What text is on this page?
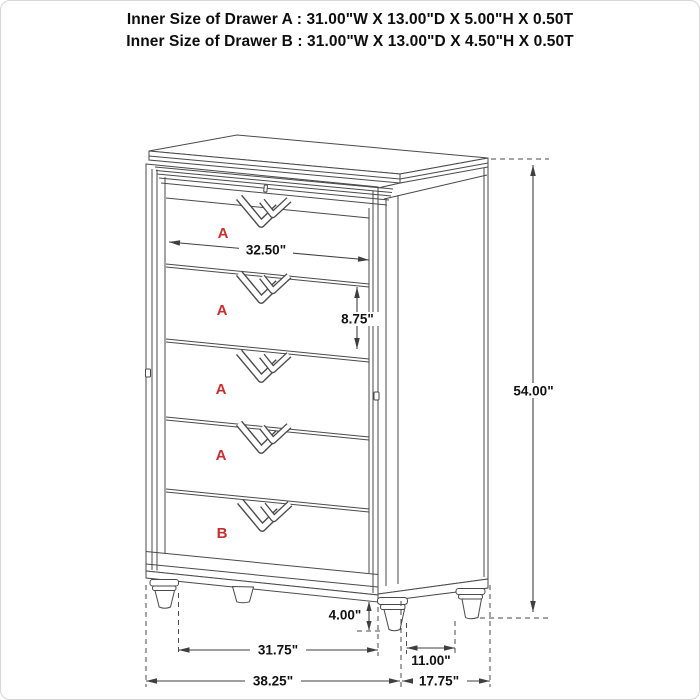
Inner Size of Drawer A : 31.00"W X 13.00"D X 5.00"H X 0.50T
Inner Size of Drawer B : 31.00"W X 13.00"D X 4.50"H X 0.50T
32.50"
8.75"
54.00"
4.00"
31.75"
11.00"
38.25"	17.75"
A
A
A
A
B
